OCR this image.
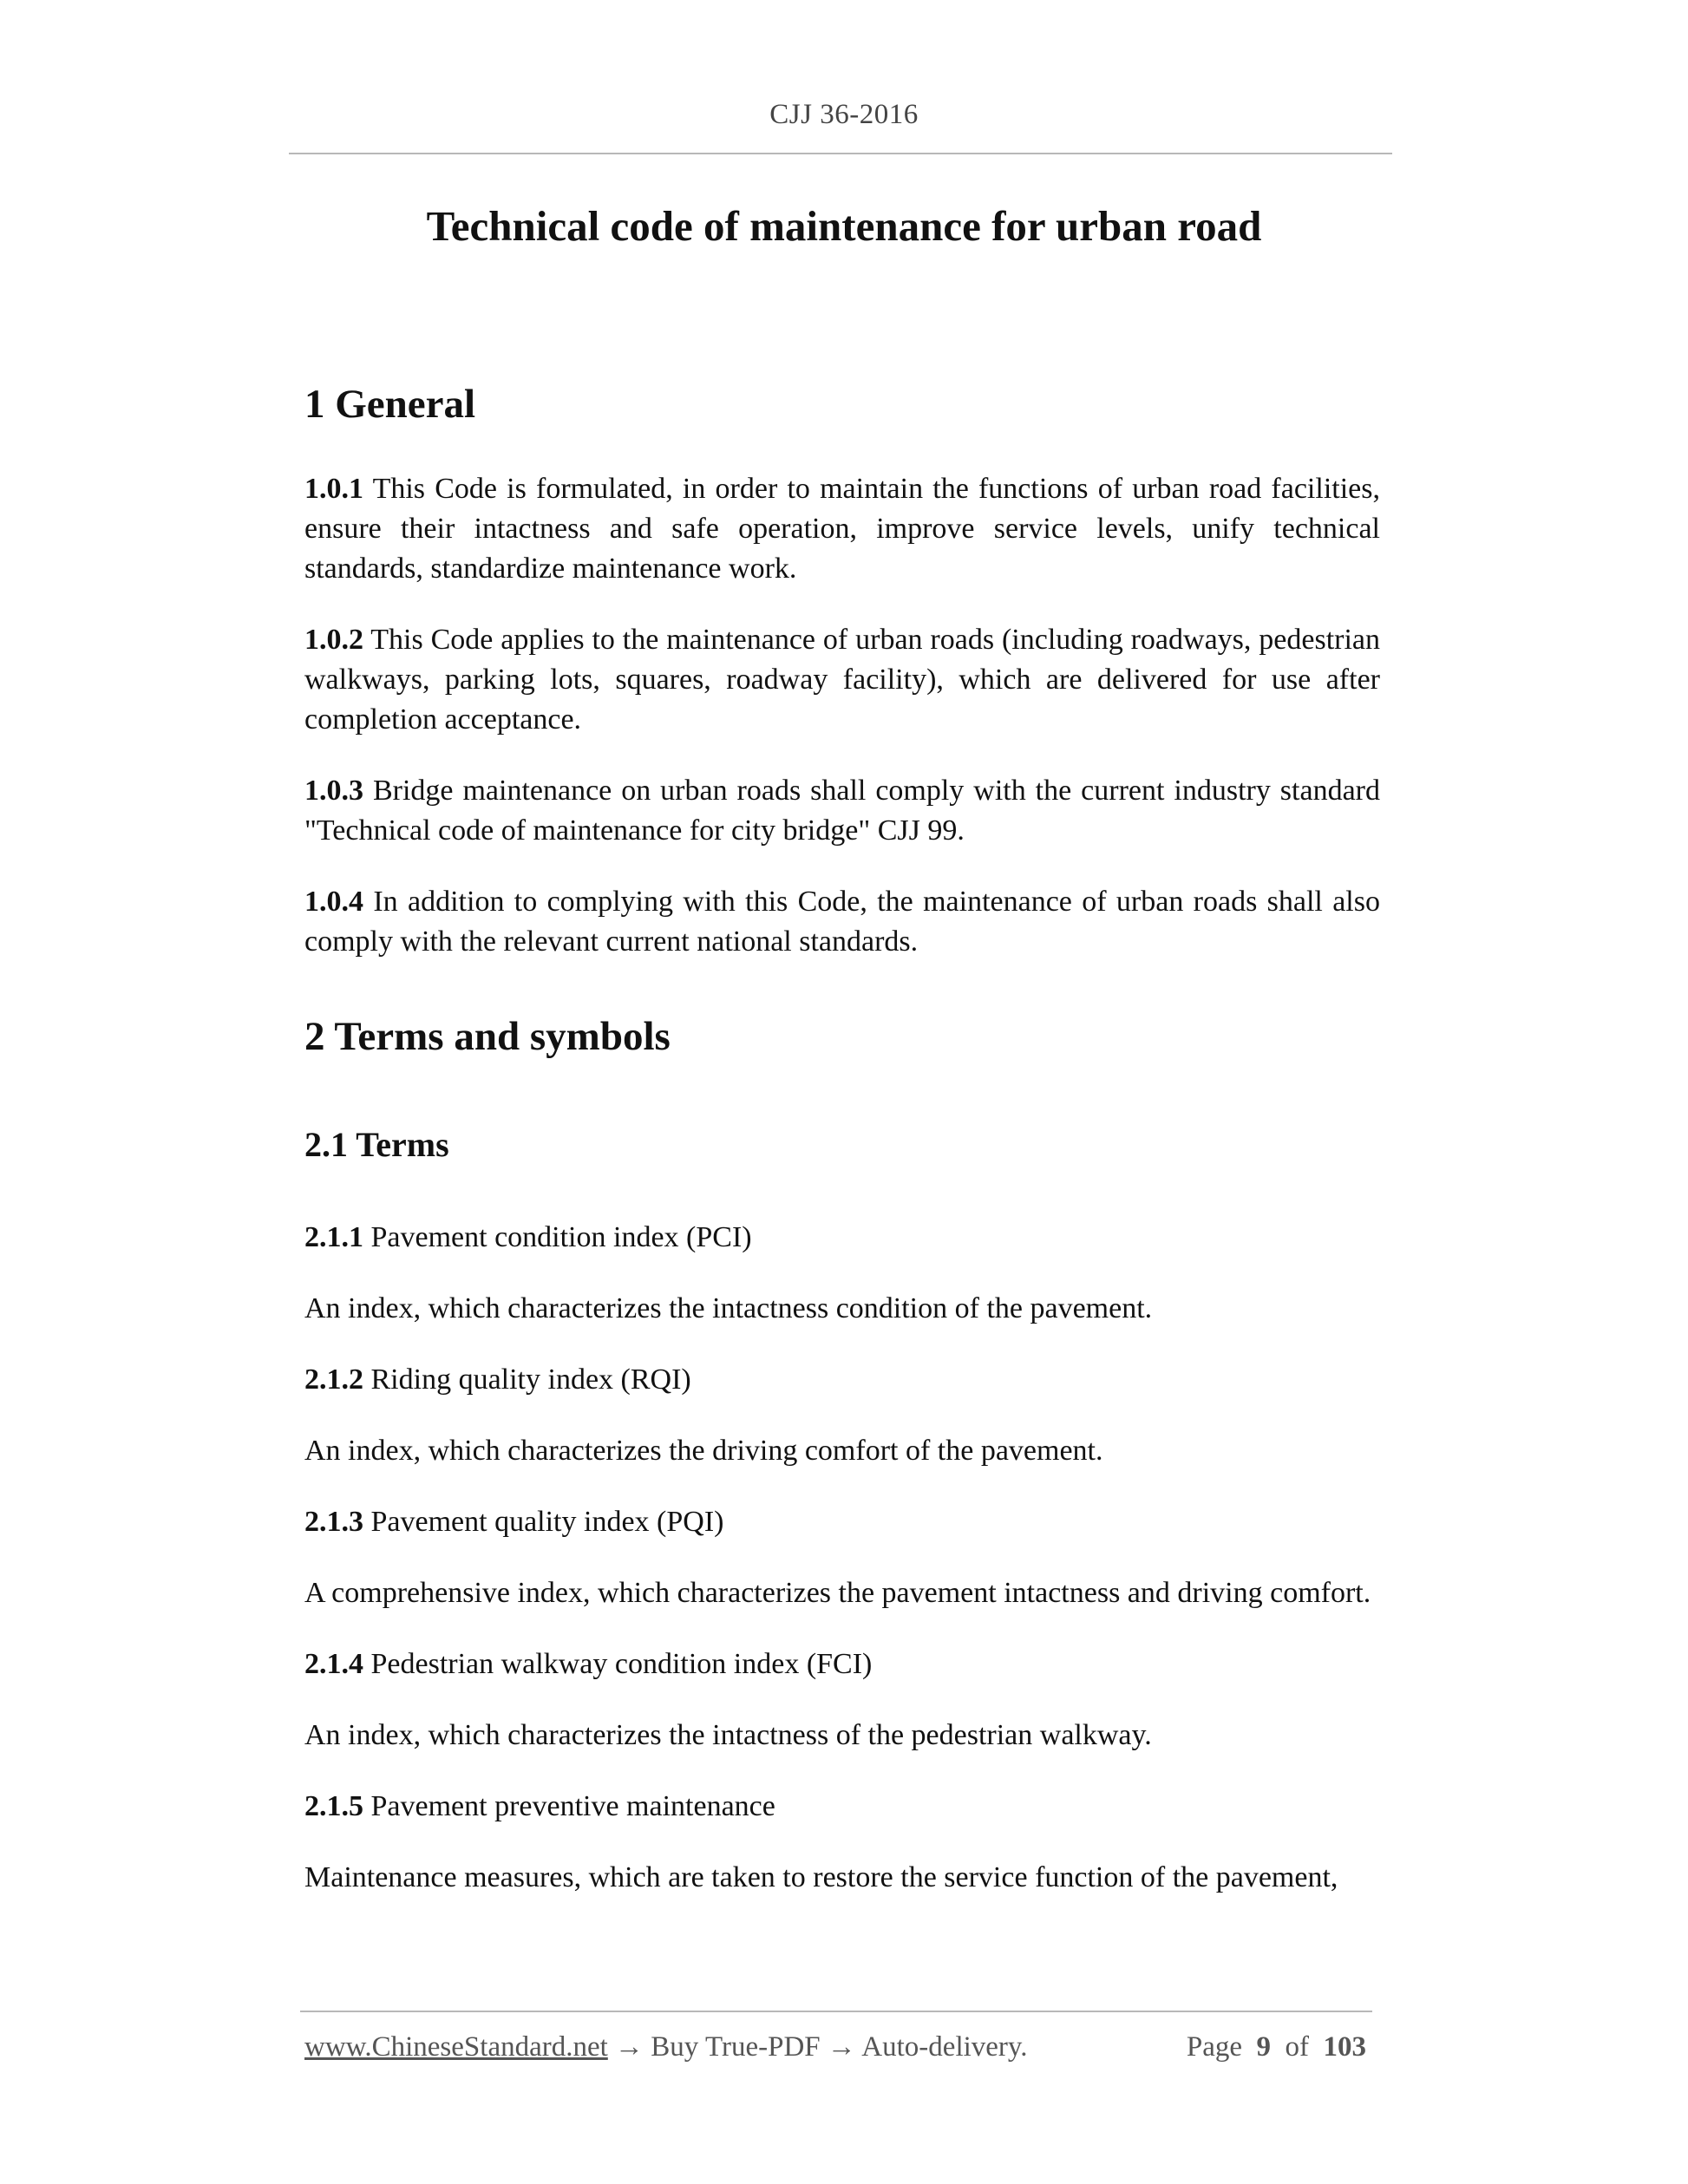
CJJ 36-2016
Technical code of maintenance for urban road
1 General

1.0.1 This Code is formulated, in order to maintain the functions of urban road facilities, ensure their intactness and safe operation, improve service levels, unify technical standards, standardize maintenance work.

1.0.2 This Code applies to the maintenance of urban roads (including roadways, pedestrian walkways, parking lots, squares, roadway facility), which are delivered for use after completion acceptance.

1.0.3 Bridge maintenance on urban roads shall comply with the current industry standard "Technical code of maintenance for city bridge" CJJ 99.

1.0.4 In addition to complying with this Code, the maintenance of urban roads shall also comply with the relevant current national standards.

2 Terms and symbols
2.1 Terms

2.1.1 Pavement condition index (PCI)

An index, which characterizes the intactness condition of the pavement.

2.1.2 Riding quality index (RQI)

An index, which characterizes the driving comfort of the pavement.

2.1.3 Pavement quality index (PQI)

A comprehensive index, which characterizes the pavement intactness and driving comfort.

2.1.4 Pedestrian walkway condition index (FCI)

An index, which characterizes the intactness of the pedestrian walkway.

2.1.5 Pavement preventive maintenance

Maintenance measures, which are taken to restore the service function of the pavement,

www.ChineseStandard.net → Buy True-PDF → Auto-delivery.	Page 9 of 103
